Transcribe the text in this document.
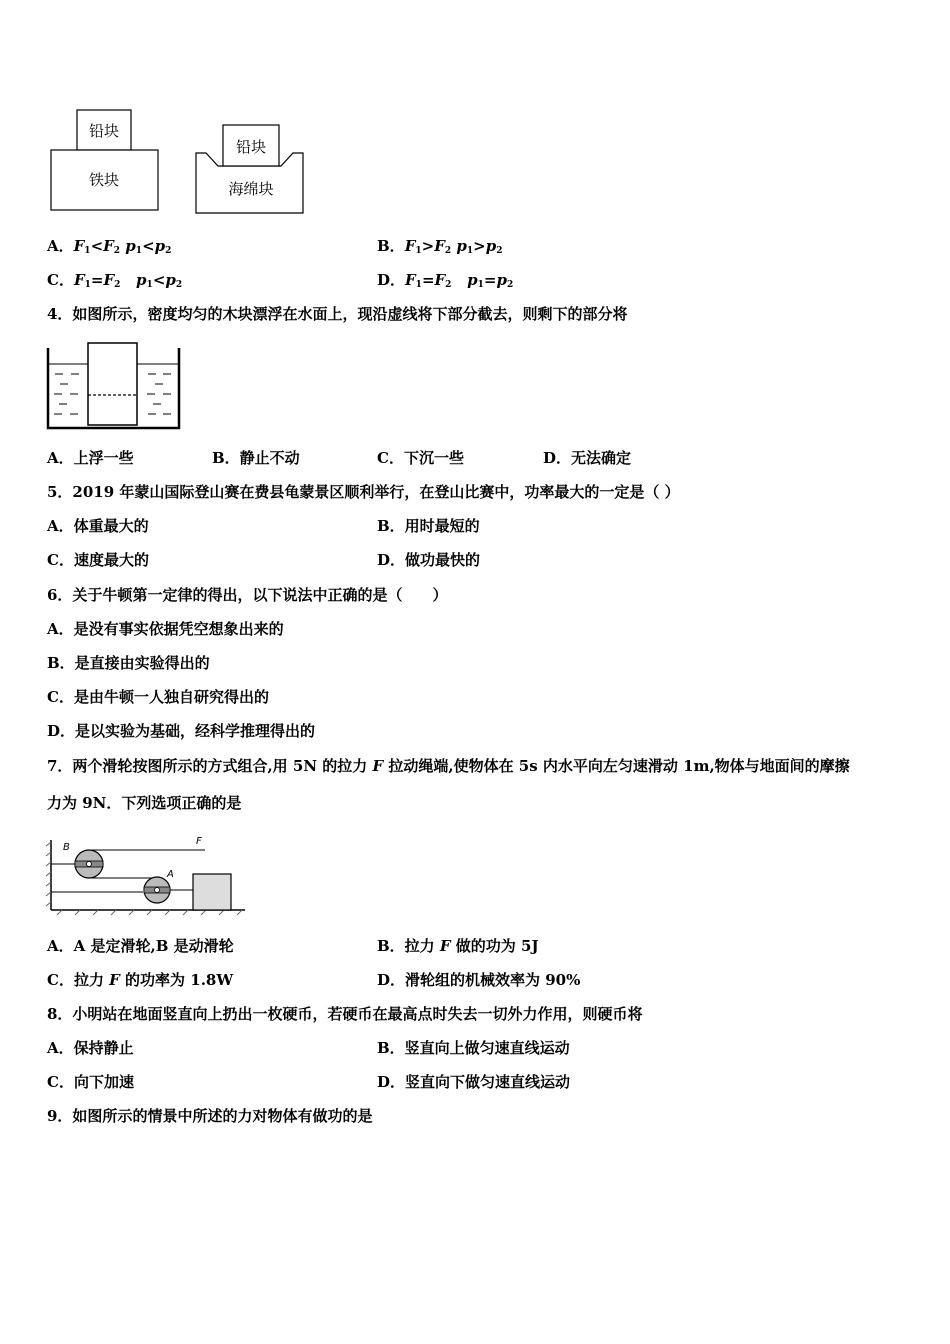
铅块
铁块
铅块
海绵块
A．$F_1<F_2$ $p_1<p_2$	B．$F_1>F_2$ $p_1>p_2$
C．$F_1=F_2$ $p_1<p_2$	D．$F_1=F_2$ $p_1=p_2$
4．如图所示，密度均匀的木块漂浮在水面上，现沿虚线将下部分截去，则剩下的部分将
A．上浮一些	B．静止不动	C．下沉一些	D．无法确定
5．2019 年蒙山国际登山赛在费县龟蒙景区顺利举行，在登山比赛中，功率最大的一定是（ ）
A．体重最大的	B．用时最短的
C．速度最大的	D．做功最快的
6．关于牛顿第一定律的得出，以下说法中正确的是（　　）
A．是没有事实依据凭空想象出来的
B．是直接由实验得出的
C．是由牛顿一人独自研究得出的
D．是以实验为基础，经科学推理得出的
7．两个滑轮按图所示的方式组合,用 5N 的拉力 F 拉动绳端,使物体在 5s 内水平向左匀速滑动 1m,物体与地面间的摩擦
力为 9N．下列选项正确的是
B
F
A
A．A 是定滑轮,B 是动滑轮	B．拉力 F 做的功为 5J
C．拉力 F 的功率为 1.8W	D．滑轮组的机械效率为 90%
8．小明站在地面竖直向上扔出一枚硬币，若硬币在最高点时失去一切外力作用，则硬币将
A．保持静止	B．竖直向上做匀速直线运动
C．向下加速	D．竖直向下做匀速直线运动
9．如图所示的情景中所述的力对物体有做功的是
